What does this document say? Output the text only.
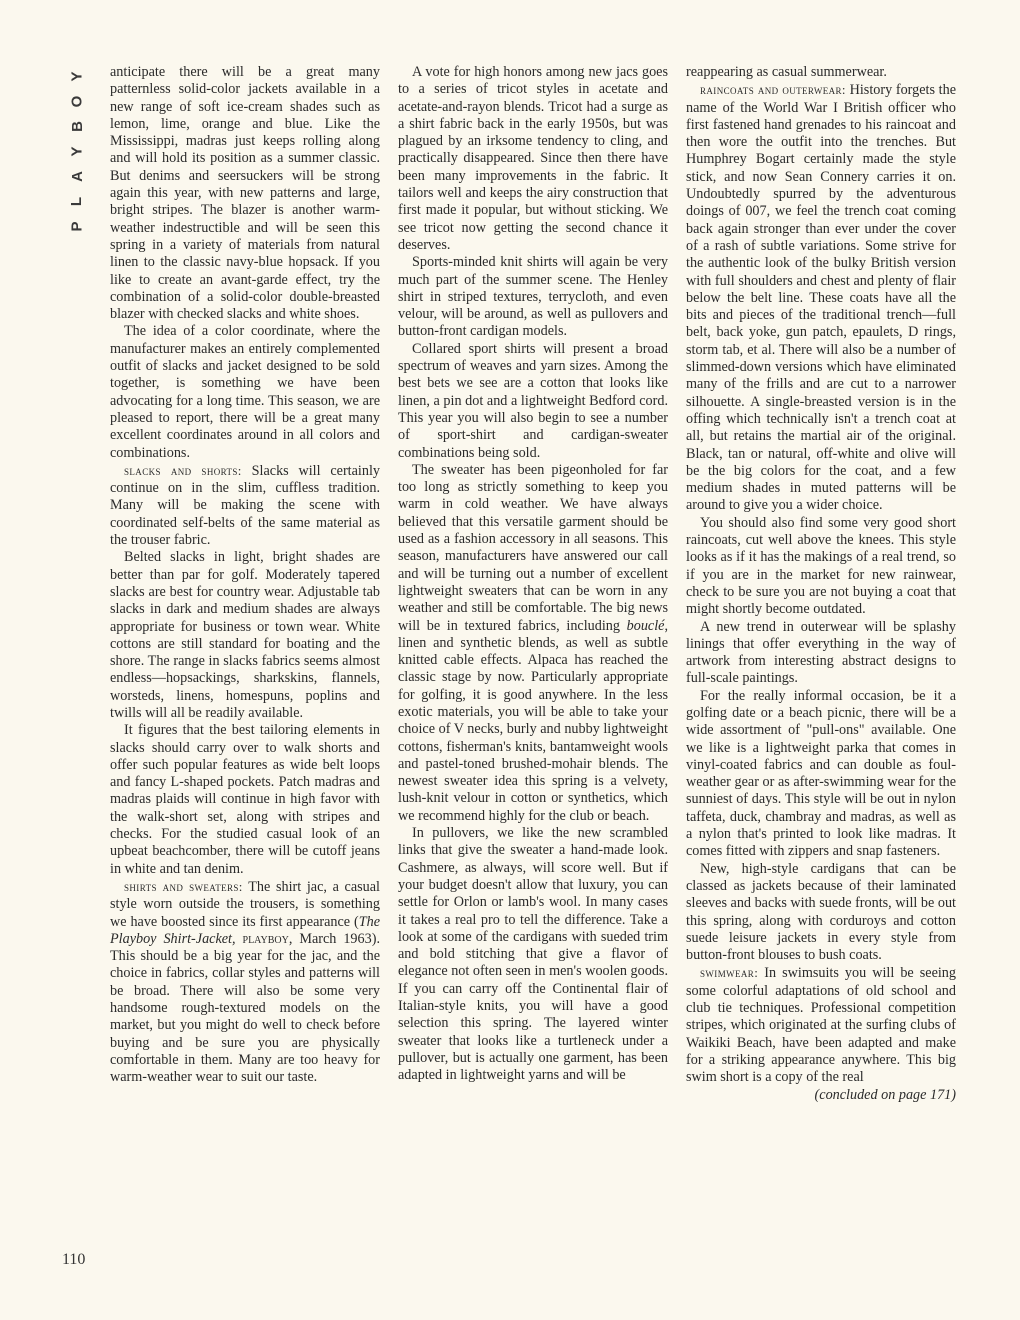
Y
O
B
Y
A
L
P
110

anticipate there will be a great many patternless solid-color jackets available in a new range of soft ice-cream shades such as lemon, lime, orange and blue. Like the Mississippi, madras just keeps rolling along and will hold its position as a summer classic. But denims and seersuckers will be strong again this year, with new patterns and large, bright stripes. The blazer is another warm-weather indestructible and will be seen this spring in a variety of materials from natural linen to the classic navy-blue hopsack. If you like to create an avant-garde effect, try the combination of a solid-color double-breasted blazer with checked slacks and white shoes.

The idea of a color coordinate, where the manufacturer makes an entirely complemented outfit of slacks and jacket designed to be sold together, is something we have been advocating for a long time. This season, we are pleased to report, there will be a great many excellent coordinates around in all colors and combinations.

slacks and shorts: Slacks will certainly continue on in the slim, cuffless tradition. Many will be making the scene with coordinated self-belts of the same material as the trouser fabric.

Belted slacks in light, bright shades are better than par for golf. Moderately tapered slacks are best for country wear. Adjustable tab slacks in dark and medium shades are always appropriate for business or town wear. White cottons are still standard for boating and the shore. The range in slacks fabrics seems almost endless—hopsackings, sharkskins, flannels, worsteds, linens, homespuns, poplins and twills will all be readily available.

It figures that the best tailoring elements in slacks should carry over to walk shorts and offer such popular features as wide belt loops and fancy L-shaped pockets. Patch madras and madras plaids will continue in high favor with the walk-short set, along with stripes and checks. For the studied casual look of an upbeat beachcomber, there will be cutoff jeans in white and tan denim.

shirts and sweaters: The shirt jac, a casual style worn outside the trousers, is something we have boosted since its first appearance (The Playboy Shirt-Jacket, playboy, March 1963). This should be a big year for the jac, and the choice in fabrics, collar styles and patterns will be broad. There will also be some very handsome rough-textured models on the market, but you might do well to check before buying and be sure you are physically comfortable in them. Many are too heavy for warm-weather wear to suit our taste.

A vote for high honors among new jacs goes to a series of tricot styles in acetate and acetate-and-rayon blends. Tricot had a surge as a shirt fabric back in the early 1950s, but was plagued by an irksome tendency to cling, and practically disappeared. Since then there have been many improvements in the fabric. It tailors well and keeps the airy construction that first made it popular, but without sticking. We see tricot now getting the second chance it deserves.

Sports-minded knit shirts will again be very much part of the summer scene. The Henley shirt in striped textures, terrycloth, and even velour, will be around, as well as pullovers and button-front cardigan models.

Collared sport shirts will present a broad spectrum of weaves and yarn sizes. Among the best bets we see are a cotton that looks like linen, a pin dot and a lightweight Bedford cord. This year you will also begin to see a number of sport-shirt and cardigan-sweater combinations being sold.

The sweater has been pigeonholed for far too long as strictly something to keep you warm in cold weather. We have always believed that this versatile garment should be used as a fashion accessory in all seasons. This season, manufacturers have answered our call and will be turning out a number of excellent lightweight sweaters that can be worn in any weather and still be comfortable. The big news will be in textured fabrics, including bouclé, linen and synthetic blends, as well as subtle knitted cable effects. Alpaca has reached the classic stage by now. Particularly appropriate for golfing, it is good anywhere. In the less exotic materials, you will be able to take your choice of V necks, burly and nubby lightweight cottons, fisherman's knits, bantamweight wools and pastel-toned brushed-mohair blends. The newest sweater idea this spring is a velvety, lush-knit velour in cotton or synthetics, which we recommend highly for the club or beach.

In pullovers, we like the new scrambled links that give the sweater a hand-made look. Cashmere, as always, will score well. But if your budget doesn't allow that luxury, you can settle for Orlon or lamb's wool. In many cases it takes a real pro to tell the difference. Take a look at some of the cardigans with sueded trim and bold stitching that give a flavor of elegance not often seen in men's woolen goods. If you can carry off the Continental flair of Italian-style knits, you will have a good selection this spring. The layered winter sweater that looks like a turtleneck under a pullover, but is actually one garment, has been adapted in lightweight yarns and will be

reappearing as casual summerwear.

raincoats and outerwear: History forgets the name of the World War I British officer who first fastened hand grenades to his raincoat and then wore the outfit into the trenches. But Humphrey Bogart certainly made the style stick, and now Sean Connery carries it on. Undoubtedly spurred by the adventurous doings of 007, we feel the trench coat coming back again stronger than ever under the cover of a rash of subtle variations. Some strive for the authentic look of the bulky British version with full shoulders and chest and plenty of flair below the belt line. These coats have all the bits and pieces of the traditional trench—full belt, back yoke, gun patch, epaulets, D rings, storm tab, et al. There will also be a number of slimmed-down versions which have eliminated many of the frills and are cut to a narrower silhouette. A single-breasted version is in the offing which technically isn't a trench coat at all, but retains the martial air of the original. Black, tan or natural, off-white and olive will be the big colors for the coat, and a few medium shades in muted patterns will be around to give you a wider choice.

You should also find some very good short raincoats, cut well above the knees. This style looks as if it has the makings of a real trend, so if you are in the market for new rainwear, check to be sure you are not buying a coat that might shortly become outdated.

A new trend in outerwear will be splashy linings that offer everything in the way of artwork from interesting abstract designs to full-scale paintings.

For the really informal occasion, be it a golfing date or a beach picnic, there will be a wide assortment of "pull-ons" available. One we like is a lightweight parka that comes in vinyl-coated fabrics and can double as foul-weather gear or as after-swimming wear for the sunniest of days. This style will be out in nylon taffeta, duck, chambray and madras, as well as a nylon that's printed to look like madras. It comes fitted with zippers and snap fasteners.

New, high-style cardigans that can be classed as jackets because of their laminated sleeves and backs with suede fronts, will be out this spring, along with corduroys and cotton suede leisure jackets in every style from button-front blouses to bush coats.

swimwear: In swimsuits you will be seeing some colorful adaptations of old school and club tie techniques. Professional competition stripes, which originated at the surfing clubs of Waikiki Beach, have been adapted and make for a striking appearance anywhere. This big swim short is a copy of the real

(concluded on page 171)
